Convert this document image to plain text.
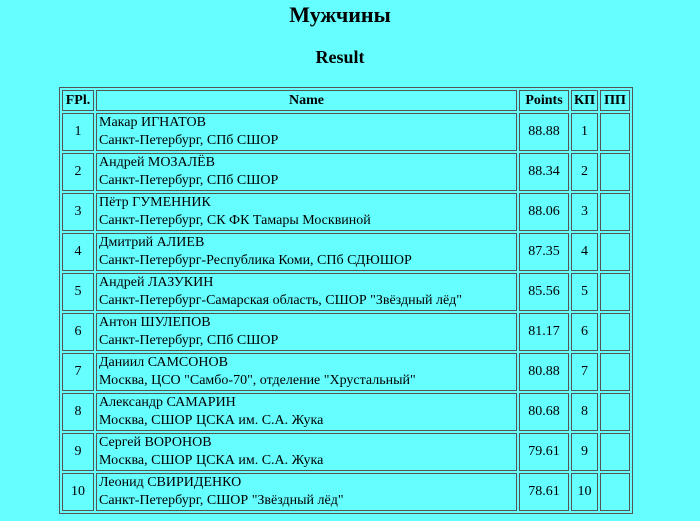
Мужчины
Result
FPl.	Name	Points	КП	ПП
1	Макар ИГНАТОВ
Санкт-Петербург, СПб СШОР	88.88	1	
2	Андрей МОЗАЛЁВ
Санкт-Петербург, СПб СШОР	88.34	2	
3	Пётр ГУМЕННИК
Санкт-Петербург, СК ФК Тамары Москвиной	88.06	3	
4	Дмитрий АЛИЕВ
Санкт-Петербург-Республика Коми, СПб СДЮШОР	87.35	4	
5	Андрей ЛАЗУКИН
Санкт-Петербург-Самарская область, СШОР "Звёздный лёд"	85.56	5	
6	Антон ШУЛЕПОВ
Санкт-Петербург, СПб СШОР	81.17	6	
7	Даниил САМСОНОВ
Москва, ЦСО "Самбо-70", отделение "Хрустальный"	80.88	7	
8	Александр САМАРИН
Москва, СШОР ЦСКА им. С.А. Жука	80.68	8	
9	Сергей ВОРОНОВ
Москва, СШОР ЦСКА им. С.А. Жука	79.61	9	
10	Леонид СВИРИДЕНКО
Санкт-Петербург, СШОР "Звёздный лёд"	78.61	10	
